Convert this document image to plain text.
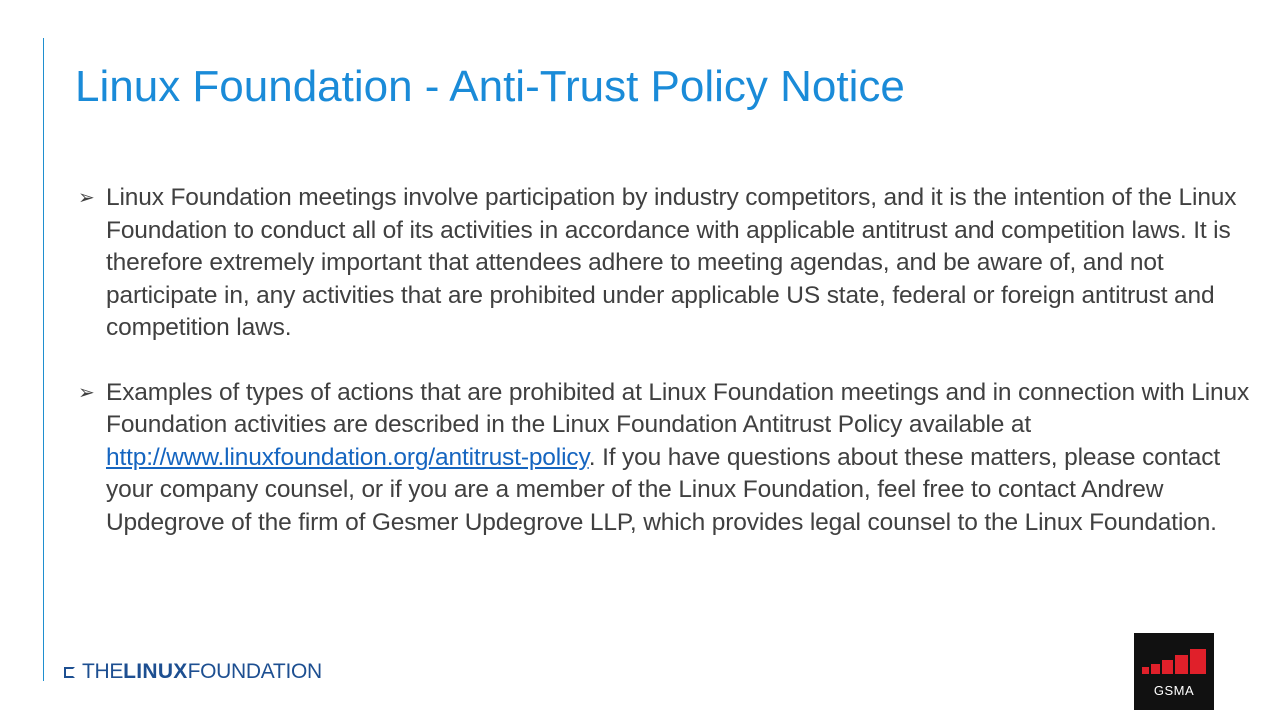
Linux Foundation - Anti-Trust Policy Notice
➢ Linux Foundation meetings involve participation by industry competitors, and it is the intention of the Linux Foundation to conduct all of its activities in accordance with applicable antitrust and competition laws. It is therefore extremely important that attendees adhere to meeting agendas, and be aware of, and not participate in, any activities that are prohibited under applicable US state, federal or foreign antitrust and competition laws.
➢ Examples of types of actions that are prohibited at Linux Foundation meetings and in connection with Linux Foundation activities are described in the Linux Foundation Antitrust Policy available at http://www.linuxfoundation.org/antitrust-policy. If you have questions about these matters, please contact your company counsel, or if you are a member of the Linux Foundation, feel free to contact Andrew Updegrove of the firm of Gesmer Updegrove LLP, which provides legal counsel to the Linux Foundation.
THE LINUX FOUNDATION
GSMA
